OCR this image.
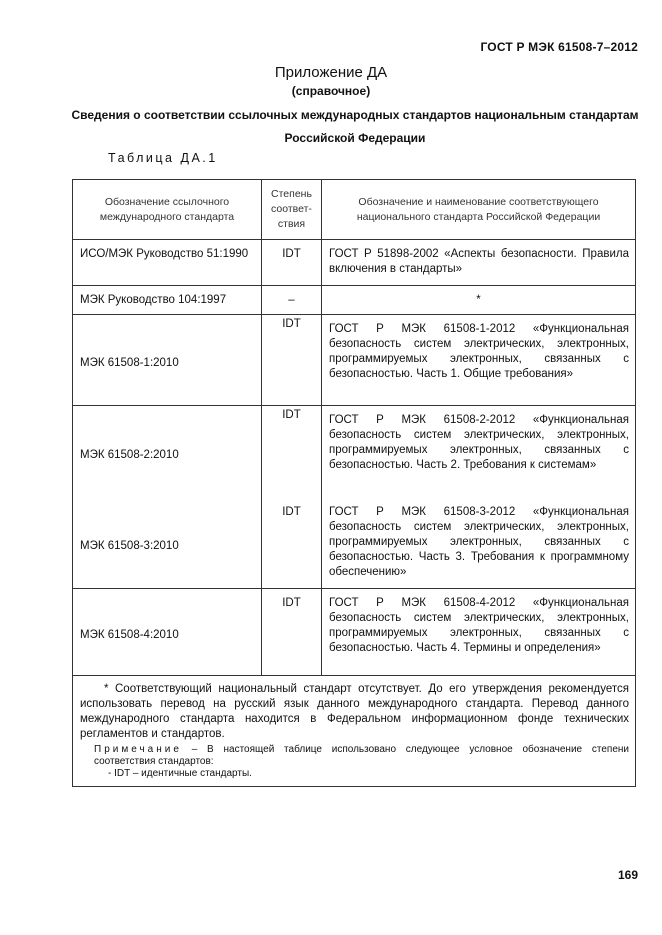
ГОСТ Р МЭК 61508-7–2012
Приложение ДА
(справочное)
Сведения о соответствии ссылочных международных стандартов национальным стандартам Российской Федерации
Таблица ДА.1
Обозначение ссылочного международного стандарта	Степень соответ-ствия	Обозначение и наименование соответствующего национального стандарта Российской Федерации
ИСО/МЭК Руководство 51:1990	IDT	ГОСТ Р 51898-2002 «Аспекты безопасности. Правила включения в стандарты»
МЭК Руководство 104:1997	–	*
МЭК 61508-1:2010	IDT	ГОСТ Р МЭК 61508-1-2012 «Функциональная безопасность систем электрических, электронных, программируемых электронных, связанных с безопасностью. Часть 1. Общие требования»
МЭК 61508-2:2010	IDT	ГОСТ Р МЭК 61508-2-2012 «Функциональная безопасность систем электрических, электронных, программируемых электронных, связанных с безопасностью. Часть 2. Требования к системам»
МЭК 61508-3:2010	IDT	ГОСТ Р МЭК 61508-3-2012 «Функциональная безопасность систем электрических, электронных, программируемых электронных, связанных с безопасностью. Часть 3. Требования к программному обеспечению»
МЭК 61508-4:2010	IDT	ГОСТ Р МЭК 61508-4-2012 «Функциональная безопасность систем электрических, электронных, программируемых электронных, связанных с безопасностью. Часть 4. Термины и определения»

* Соответствующий национальный стандарт отсутствует. До его утверждения рекомендуется использовать перевод на русский язык данного международного стандарта. Перевод данного международного стандарта находится в Федеральном информационном фонде технических регламентов и стандартов.
Примечание – В настоящей таблице использовано следующее условное обозначение степени соответствия стандартов:
- IDT – идентичные стандарты.		
169
